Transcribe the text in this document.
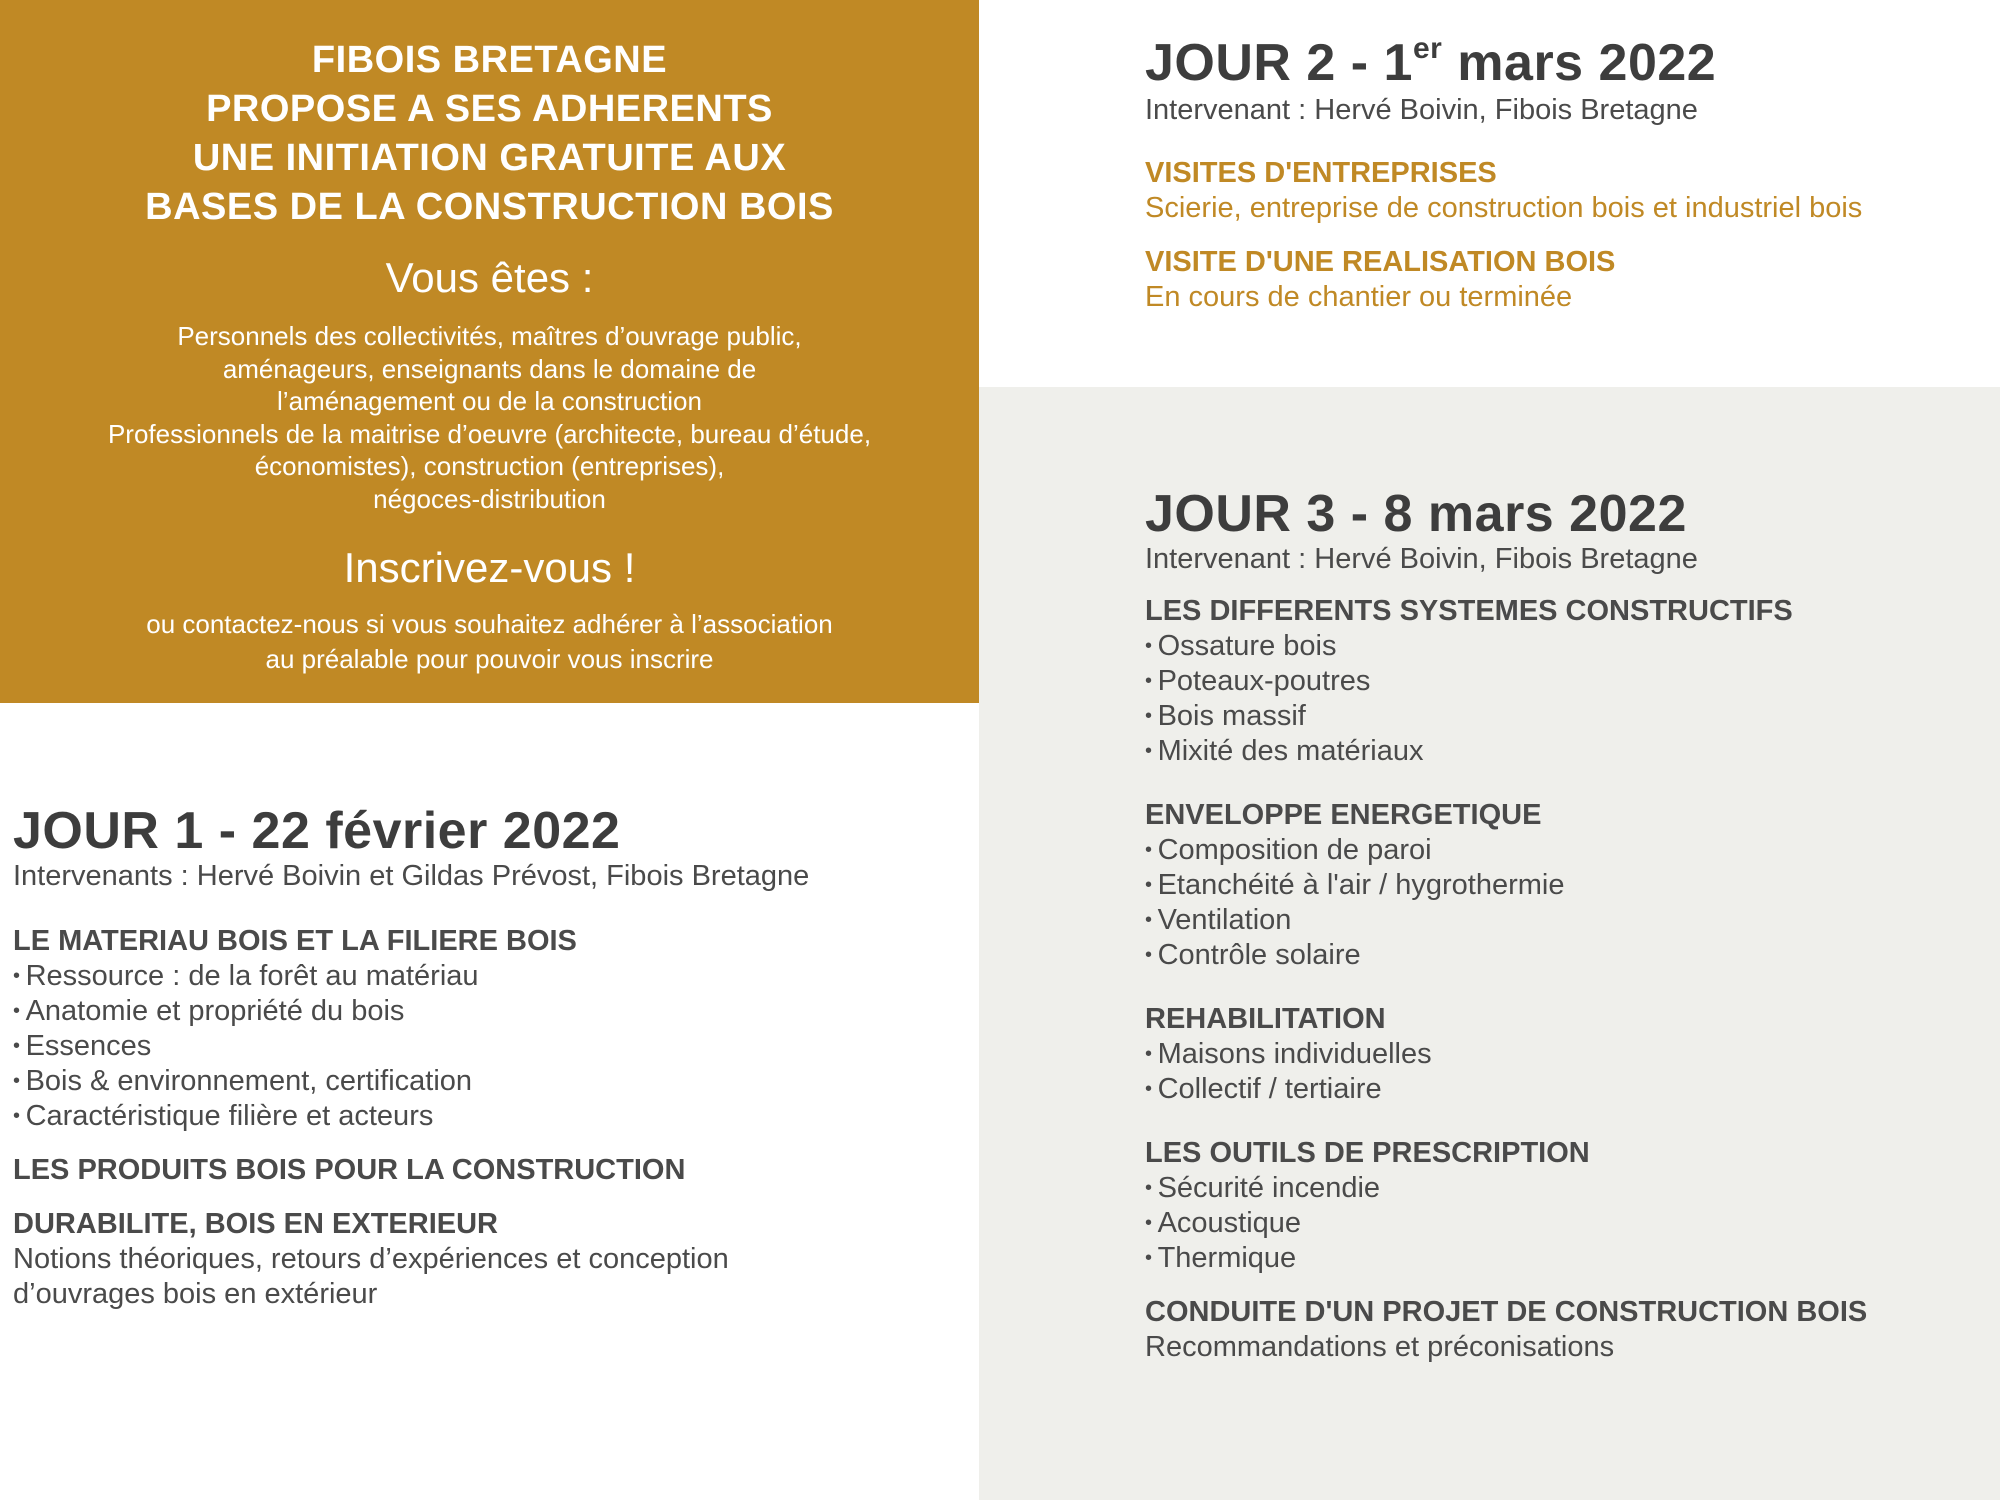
FIBOIS BRETAGNE
PROPOSE A SES ADHERENTS
UNE INITIATION GRATUITE AUX
BASES DE LA CONSTRUCTION BOIS
Vous êtes :
Personnels des collectivités, maîtres d’ouvrage public,
aménageurs, enseignants dans le domaine de
l’aménagement ou de la construction
Professionnels de la maitrise d’oeuvre (architecte, bureau d’étude,
économistes), construction (entreprises),
négoces-distribution
Inscrivez-vous !
ou contactez-nous si vous souhaitez adhérer à l’association
au préalable pour pouvoir vous inscrire
JOUR 2 - 1er mars 2022
Intervenant : Hervé Boivin, Fibois Bretagne
VISITES D'ENTREPRISES
Scierie, entreprise de construction bois et industriel bois
VISITE D'UNE REALISATION BOIS
En cours de chantier ou terminée
JOUR 1 - 22 février 2022
Intervenants : Hervé Boivin et Gildas Prévost, Fibois Bretagne
LE MATERIAU BOIS ET LA FILIERE BOIS
• Ressource : de la forêt au matériau
• Anatomie et propriété du bois
• Essences
• Bois & environnement, certification
• Caractéristique filière et acteurs
LES PRODUITS BOIS POUR LA CONSTRUCTION
DURABILITE, BOIS EN EXTERIEUR
Notions théoriques, retours d’expériences et conception
d’ouvrages bois en extérieur
JOUR 3 - 8 mars 2022
Intervenant : Hervé Boivin, Fibois Bretagne
LES DIFFERENTS SYSTEMES CONSTRUCTIFS
• Ossature bois
• Poteaux-poutres
• Bois massif
• Mixité des matériaux
ENVELOPPE ENERGETIQUE
• Composition de paroi
• Etanchéité à l'air / hygrothermie
• Ventilation
• Contrôle solaire
REHABILITATION
• Maisons individuelles
• Collectif / tertiaire
LES OUTILS DE PRESCRIPTION
• Sécurité incendie
• Acoustique
• Thermique
CONDUITE D'UN PROJET DE CONSTRUCTION BOIS
Recommandations et préconisations
